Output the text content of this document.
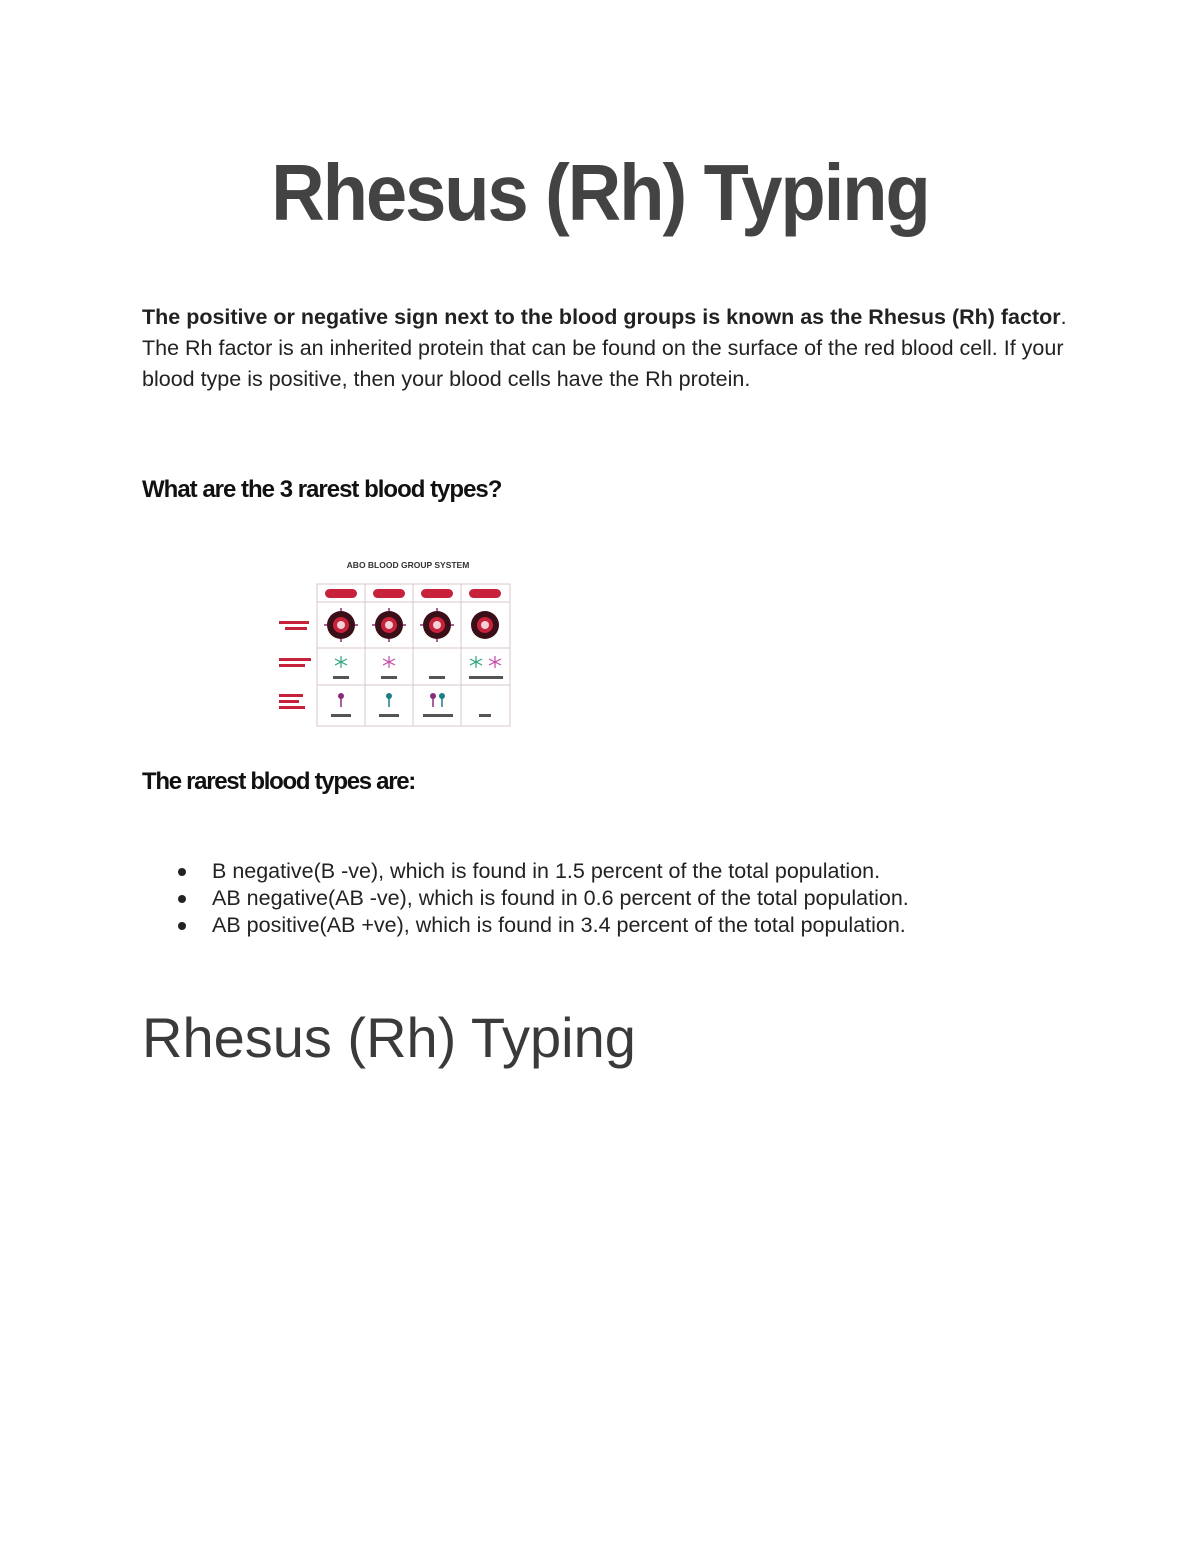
Rhesus (Rh) Typing
The positive or negative sign next to the blood groups is known as the Rhesus (Rh) factor. The Rh factor is an inherited protein that can be found on the surface of the red blood cell. If your blood type is positive, then your blood cells have the Rh protein.
What are the 3 rarest blood types?
ABO BLOOD GROUP SYSTEM
The rarest blood types are:
B negative(B -ve), which is found in 1.5 percent of the total population.
AB negative(AB -ve), which is found in 0.6 percent of the total population.
AB positive(AB +ve), which is found in 3.4 percent of the total population.
Rhesus (Rh) Typing
